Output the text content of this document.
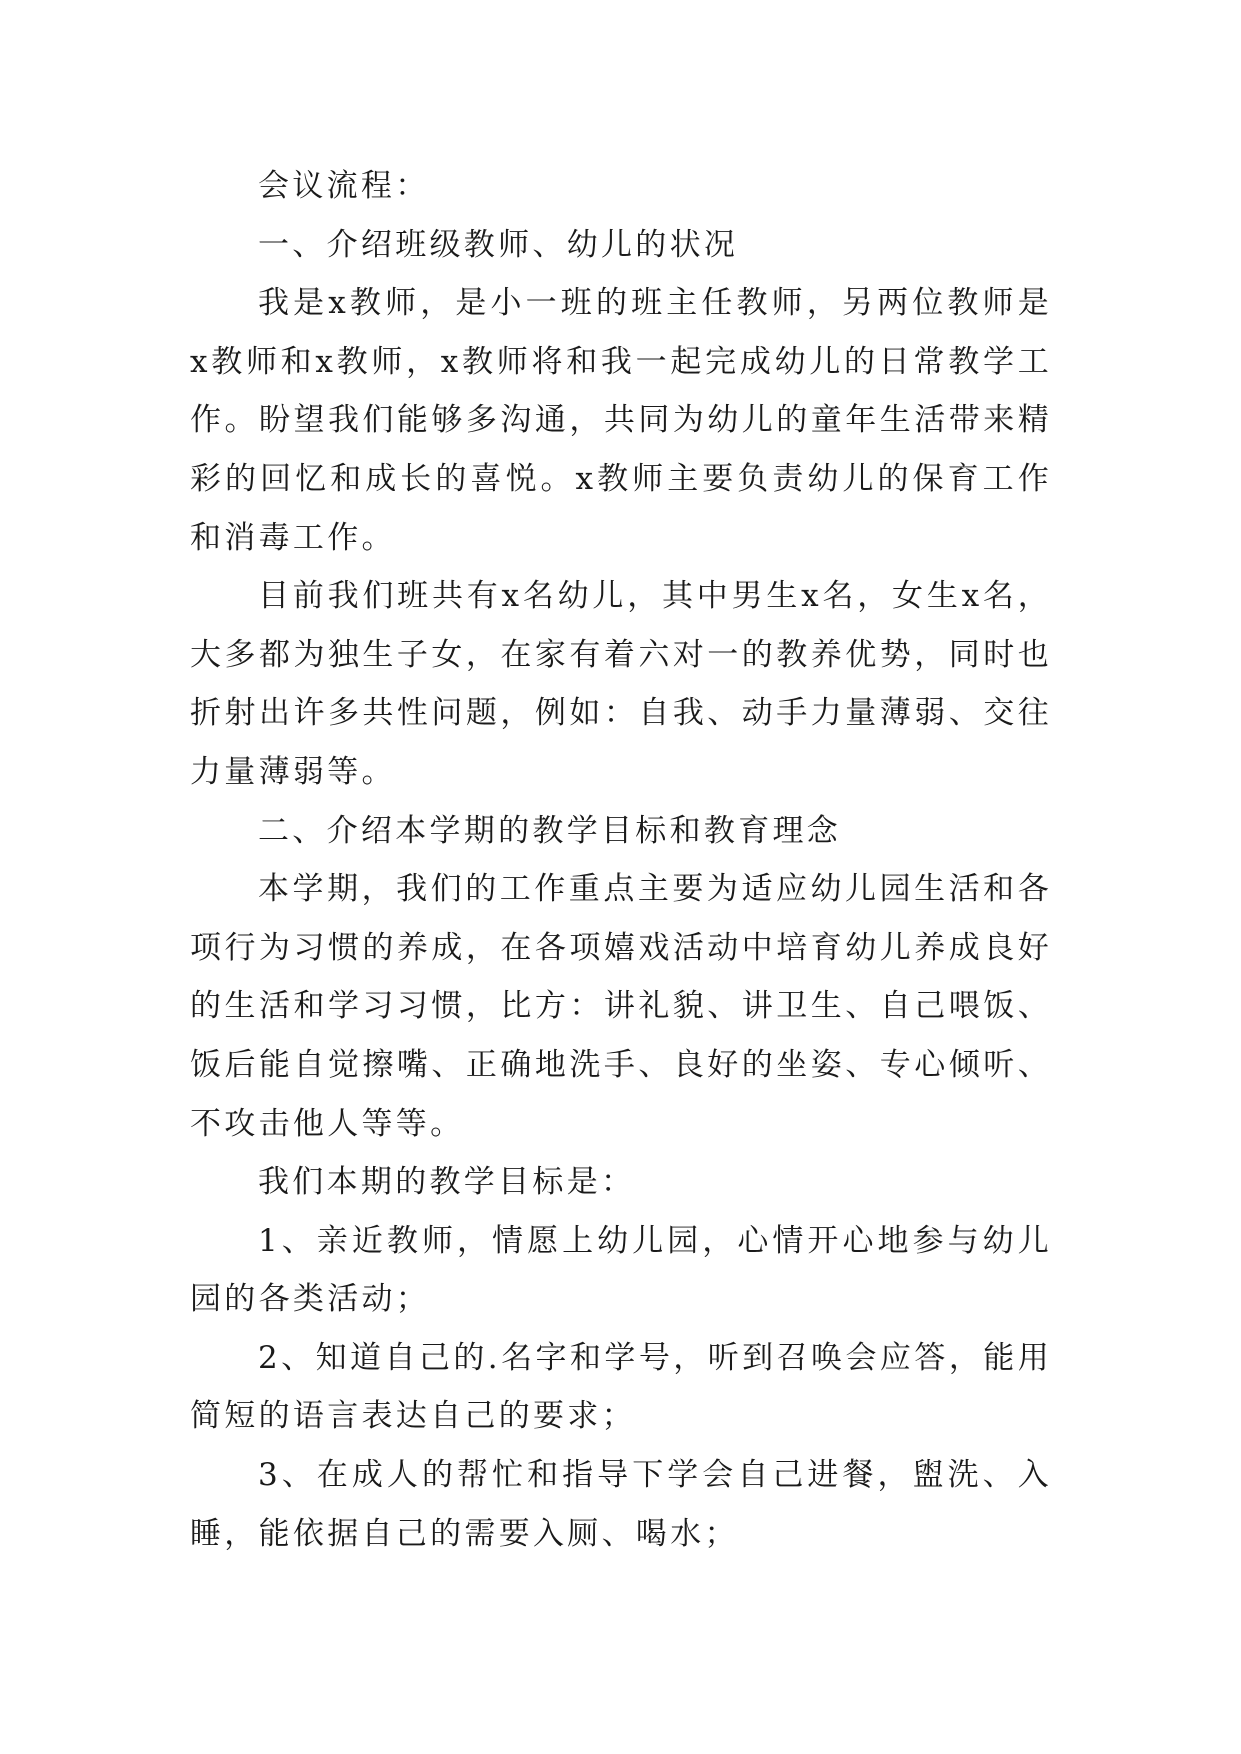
会议流程：

一、介绍班级教师、幼儿的状况

我是x教师，是小一班的班主任教师，另两位教师是x教师和x教师，x教师将和我一起完成幼儿的日常教学工作。盼望我们能够多沟通，共同为幼儿的童年生活带来精彩的回忆和成长的喜悦。x教师主要负责幼儿的保育工作和消毒工作。

目前我们班共有x名幼儿，其中男生x名，女生x名，大多都为独生子女，在家有着六对一的教养优势，同时也折射出许多共性问题，例如：自我、动手力量薄弱、交往力量薄弱等。

二、介绍本学期的教学目标和教育理念

本学期，我们的工作重点主要为适应幼儿园生活和各项行为习惯的养成，在各项嬉戏活动中培育幼儿养成良好的生活和学习习惯，比方：讲礼貌、讲卫生、自己喂饭、饭后能自觉擦嘴、正确地洗手、良好的坐姿、专心倾听、不攻击他人等等。

我们本期的教学目标是：

1、亲近教师，情愿上幼儿园，心情开心地参与幼儿园的各类活动；

2、知道自己的.名字和学号，听到召唤会应答，能用简短的语言表达自己的要求；

3、在成人的帮忙和指导下学会自己进餐，盥洗、入睡，能依据自己的需要入厕、喝水；
